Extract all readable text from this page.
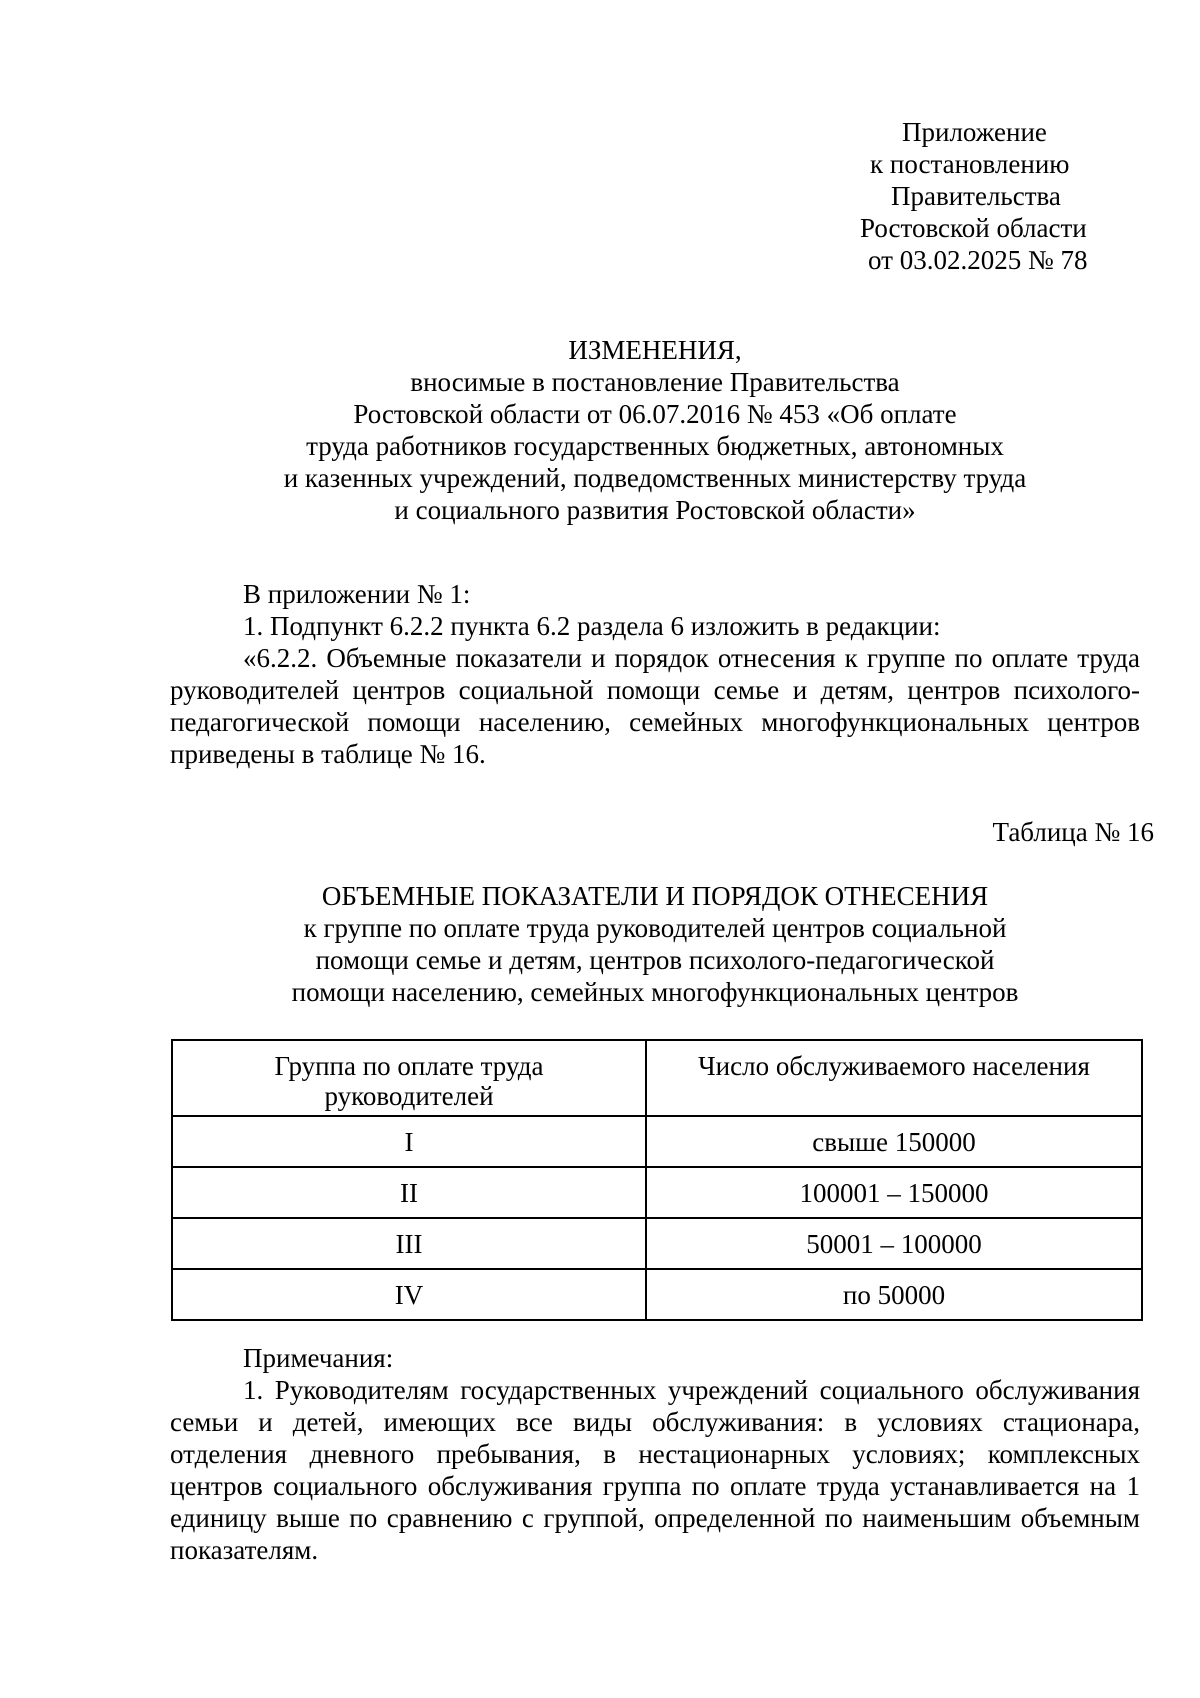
Приложение
к постановлению
Правительства
Ростовской области
от 03.02.2025 № 78
ИЗМЕНЕНИЯ,
вносимые в постановление Правительства
Ростовской области от 06.07.2016 № 453 «Об оплате
труда работников государственных бюджетных, автономных
и казенных учреждений, подведомственных министерству труда
и социального развития Ростовской области»
В приложении № 1:
1. Подпункт 6.2.2 пункта 6.2 раздела 6 изложить в редакции:
«6.2.2. Объемные показатели и порядок отнесения к группе по оплате труда руководителей центров социальной помощи семье и детям, центров психолого-педагогической помощи населению, семейных многофункциональных центров приведены в таблице № 16.
Таблица № 16
ОБЪЕМНЫЕ ПОКАЗАТЕЛИ И ПОРЯДОК ОТНЕСЕНИЯ
к группе по оплате труда руководителей центров социальной
помощи семье и детям, центров психолого-педагогической
помощи населению, семейных многофункциональных центров
Группа по оплате труда
руководителей	Число обслуживаемого населения
I	свыше 150000
II	100001 – 150000
III	50001 – 100000
IV	по 50000
Примечания:
1. Руководителям государственных учреждений социального обслуживания семьи и детей, имеющих все виды обслуживания: в условиях стационара, отделения дневного пребывания, в нестационарных условиях; комплексных центров социального обслуживания группа по оплате труда устанавливается на 1 единицу выше по сравнению с группой, определенной по наименьшим объемным показателям.
